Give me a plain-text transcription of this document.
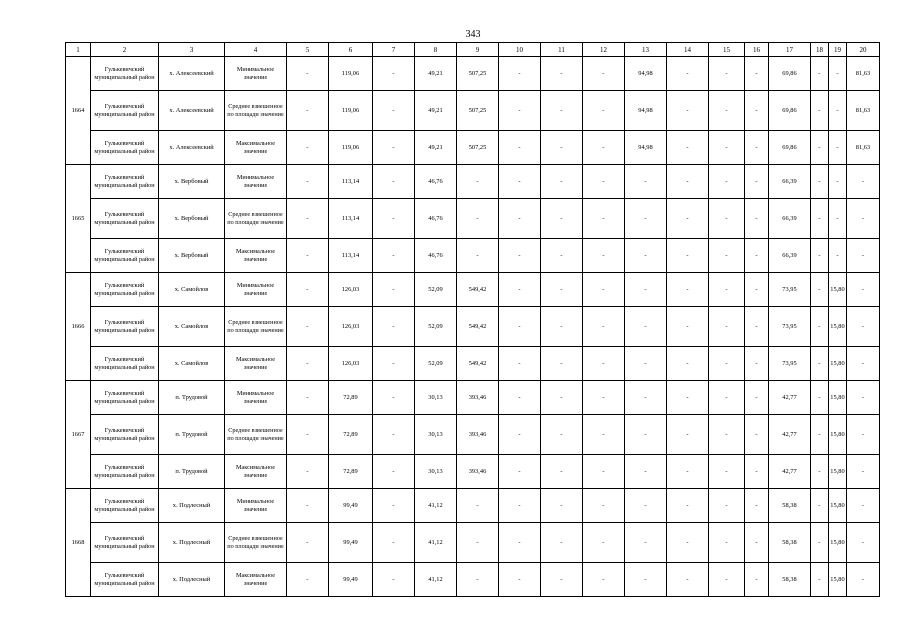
343
1	2	3	4	5	6	7	8	9	10	11	12	13	14	15	16	17	18	19	20
1664	Гулькевичский муниципальный район	х. Алексеевский	Минимальное значение	-	119,06	-	49,21	507,25	-	-	-	94,98	-	-	-	69,86	-	-	81,63
	Гулькевичский муниципальный район	х. Алексеевский	Среднее взвешенное по площади значение	-	119,06	-	49,21	507,25	-	-	-	94,98	-	-	-	69,86	-	-	81,63
	Гулькевичский муниципальный район	х. Алексеевский	Максимальное значение	-	119,06	-	49,21	507,25	-	-	-	94,98	-	-	-	69,86	-	-	81,63
1665	Гулькевичский муниципальный район	х. Вербовый	Минимальное значение	-	113,14	-	46,76	-	-	-	-	-	-	-	-	66,39	-	-	-
	Гулькевичский муниципальный район	х. Вербовый	Среднее взвешенное по площади значение	-	113,14	-	46,76	-	-	-	-	-	-	-	-	66,39	-	-	-
	Гулькевичский муниципальный район	х. Вербовый	Максимальное значение	-	113,14	-	46,76	-	-	-	-	-	-	-	-	66,39	-	-	-
1666	Гулькевичский муниципальный район	х. Самойлов	Минимальное значение	-	126,03	-	52,09	549,42	-	-	-	-	-	-	-	73,95	-	15,80	-
	Гулькевичский муниципальный район	х. Самойлов	Среднее взвешенное по площади значение	-	126,03	-	52,09	549,42	-	-	-	-	-	-	-	73,95	-	15,80	-
	Гулькевичский муниципальный район	х. Самойлов	Максимальное значение	-	126,03	-	52,09	549,42	-	-	-	-	-	-	-	73,95	-	15,80	-
1667	Гулькевичский муниципальный район	п. Трудовой	Минимальное значение	-	72,89	-	30,13	393,46	-	-	-	-	-	-	-	42,77	-	15,80	-
	Гулькевичский муниципальный район	п. Трудовой	Среднее взвешенное по площади значение	-	72,89	-	30,13	393,46	-	-	-	-	-	-	-	42,77	-	15,80	-
	Гулькевичский муниципальный район	п. Трудовой	Максимальное значение	-	72,89	-	30,13	393,46	-	-	-	-	-	-	-	42,77	-	15,80	-
1668	Гулькевичский муниципальный район	х. Подлесный	Минимальное значение	-	99,49	-	41,12	-	-	-	-	-	-	-	-	58,38	-	15,80	-
	Гулькевичский муниципальный район	х. Подлесный	Среднее взвешенное по площади значение	-	99,49	-	41,12	-	-	-	-	-	-	-	-	58,38	-	15,80	-
	Гулькевичский муниципальный район	х. Подлесный	Максимальное значение	-	99,49	-	41,12	-	-	-	-	-	-	-	-	58,38	-	15,80	-
